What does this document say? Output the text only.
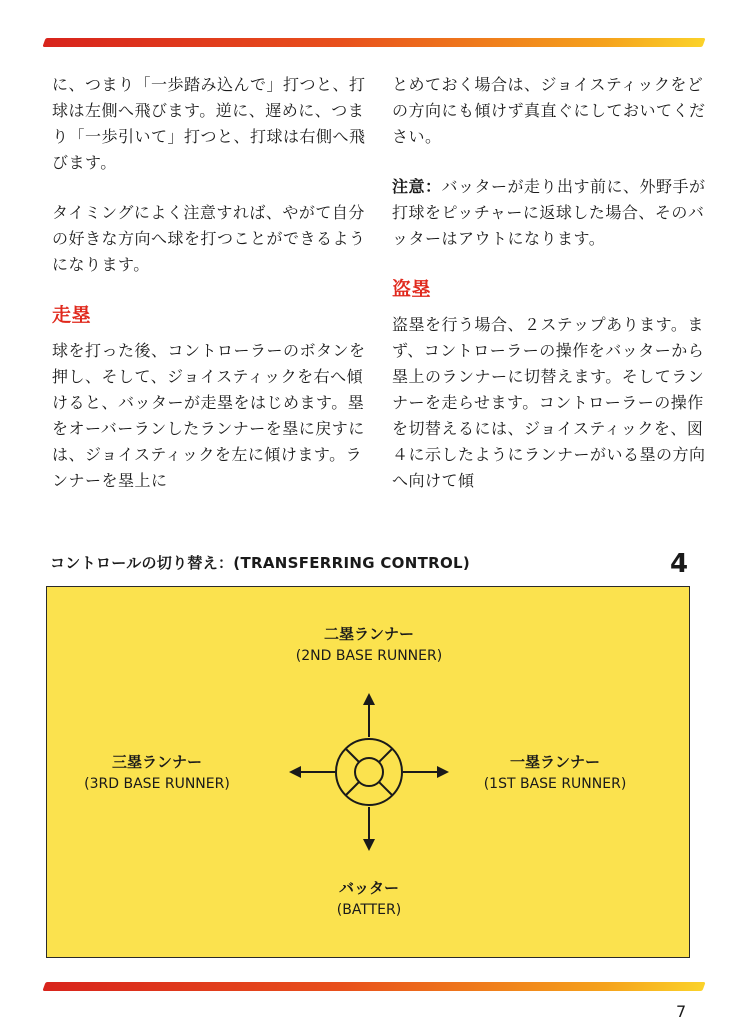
に、つまり「一歩踏み込んで」打つと、打球は左側へ飛びます。逆に、遅めに、つまり「一歩引いて」打つと、打球は右側へ飛びます。

タイミングによく注意すれば、やがて自分の好きな方向へ球を打つことができるようになります。

走塁

球を打った後、コントローラーのボタンを押し、そして、ジョイスティックを右へ傾けると、バッターが走塁をはじめます。塁をオーバーランしたランナーを塁に戻すには、ジョイスティックを左に傾けます。ランナーを塁上に

とめておく場合は、ジョイスティックをどの方向にも傾けず真直ぐにしておいてください。

注意：バッターが走り出す前に、外野手が打球をピッチャーに返球した場合、そのバッターはアウトになります。

盗塁

盗塁を行う場合、２ステップあります。まず、コントローラーの操作をバッターから塁上のランナーに切替えます。そしてランナーを走らせます。コントローラーの操作を切替えるには、ジョイスティックを、図４に示したようにランナーがいる塁の方向へ向けて傾

コントロールの切り替え：(TRANSFERRING CONTROL)	4
二塁ランナー
(2ND BASE RUNNER)
三塁ランナー
(3RD BASE RUNNER)
一塁ランナー
(1ST BASE RUNNER)
バッター
(BATTER)
7
